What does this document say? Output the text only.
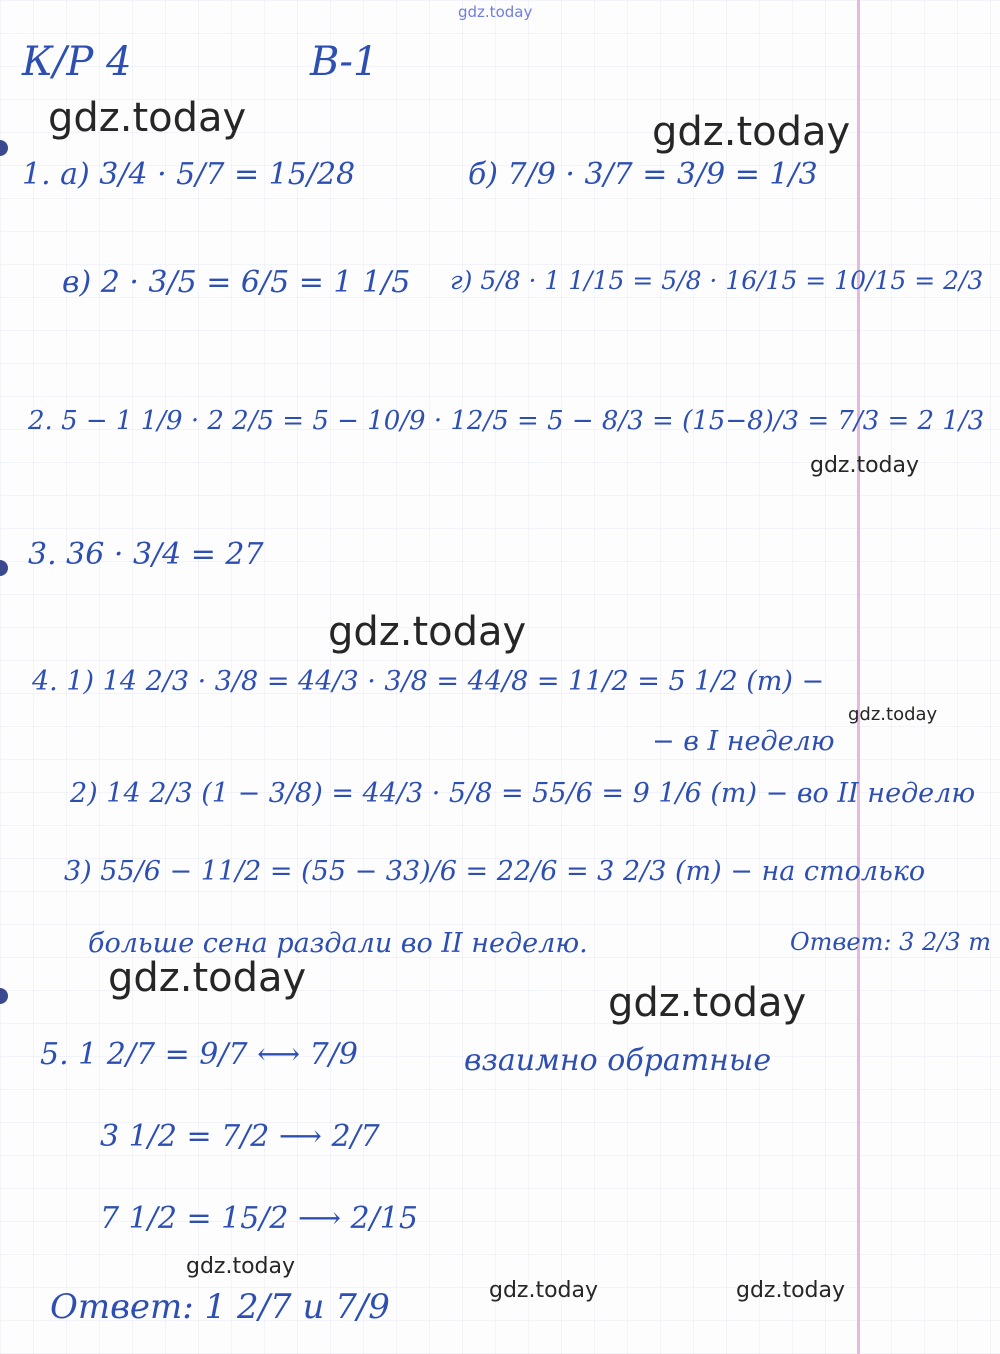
gdz.today
gdz.today	gdz.today
gdz.today
gdz.today
gdz.today
gdz.today
gdz.today
gdz.today
gdz.today	gdz.today
К/Р 4	В-1
1. а) 3/4 · 5/7 = 15/28	б) 7/9 · 3/7 = 3/9 = 1/3
в) 2 · 3/5 = 6/5 = 1 1/5 г) 5/8 · 1 1/15 = 5/8 · 16/15 = 10/15 = 2/3
2. 5 − 1 1/9 · 2 2/5 = 5 − 10/9 · 12/5 = 5 − 8/3 = (15−8)/3 = 7/3 = 2 1/3
3. 36 · 3/4 = 27
4. 1) 14 2/3 · 3/8 = 44/3 · 3/8 = 44/8 = 11/2 = 5 1/2 (т) −
− в I неделю
2) 14 2/3 (1 − 3/8) = 44/3 · 5/8 = 55/6 = 9 1/6 (т) − во II неделю
3) 55/6 − 11/2 = (55 − 33)/6 = 22/6 = 3 2/3 (т) − на столько
больше сена раздали во II неделю.	Ответ: 3 2/3 т
5. 1 2/7 = 9/7 ⟷ 7/9	взаимно обратные
3 1/2 = 7/2 ⟶ 2/7
7 1/2 = 15/2 ⟶ 2/15
Ответ: 1 2/7 и 7/9
